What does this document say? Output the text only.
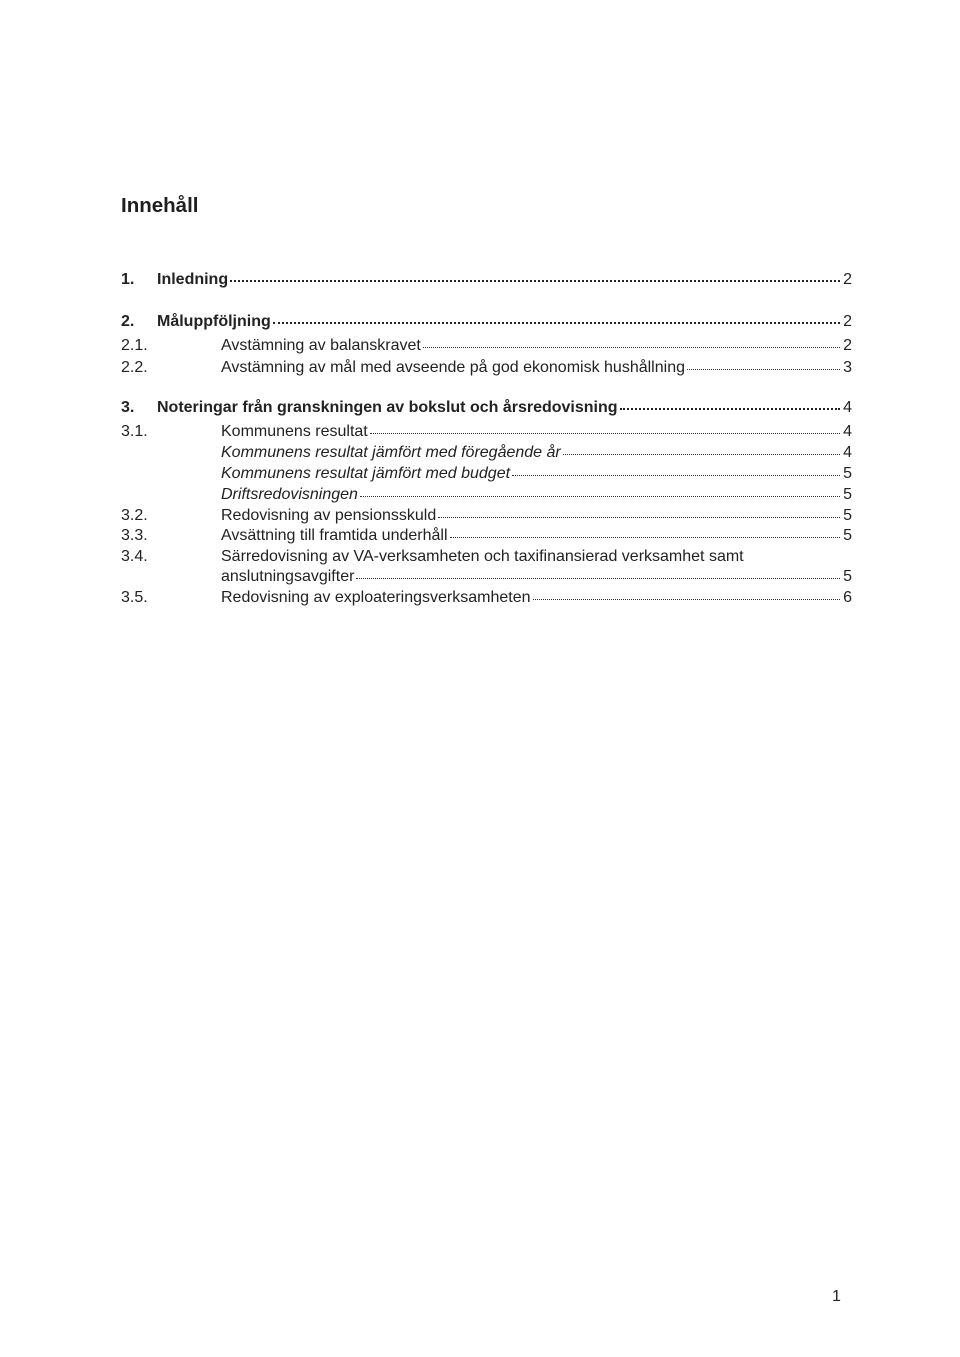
Innehåll
1.	Inledning	2
2.	Måluppföljning	2
2.1.	Avstämning av balanskravet	2
2.2.	Avstämning av mål med avseende på god ekonomisk hushållning	3
3.	Noteringar från granskningen av bokslut och årsredovisning	4
3.1.	Kommunens resultat	4
Kommunens resultat jämfört med föregående år	4
Kommunens resultat jämfört med budget	5
Driftsredovisningen	5
3.2.	Redovisning av pensionsskuld	5
3.3.	Avsättning till framtida underhåll	5
3.4.	Särredovisning av VA-verksamheten och taxifinansierad verksamhet samt
anslutningsavgifter	5
3.5.	Redovisning av exploateringsverksamheten	6
1
